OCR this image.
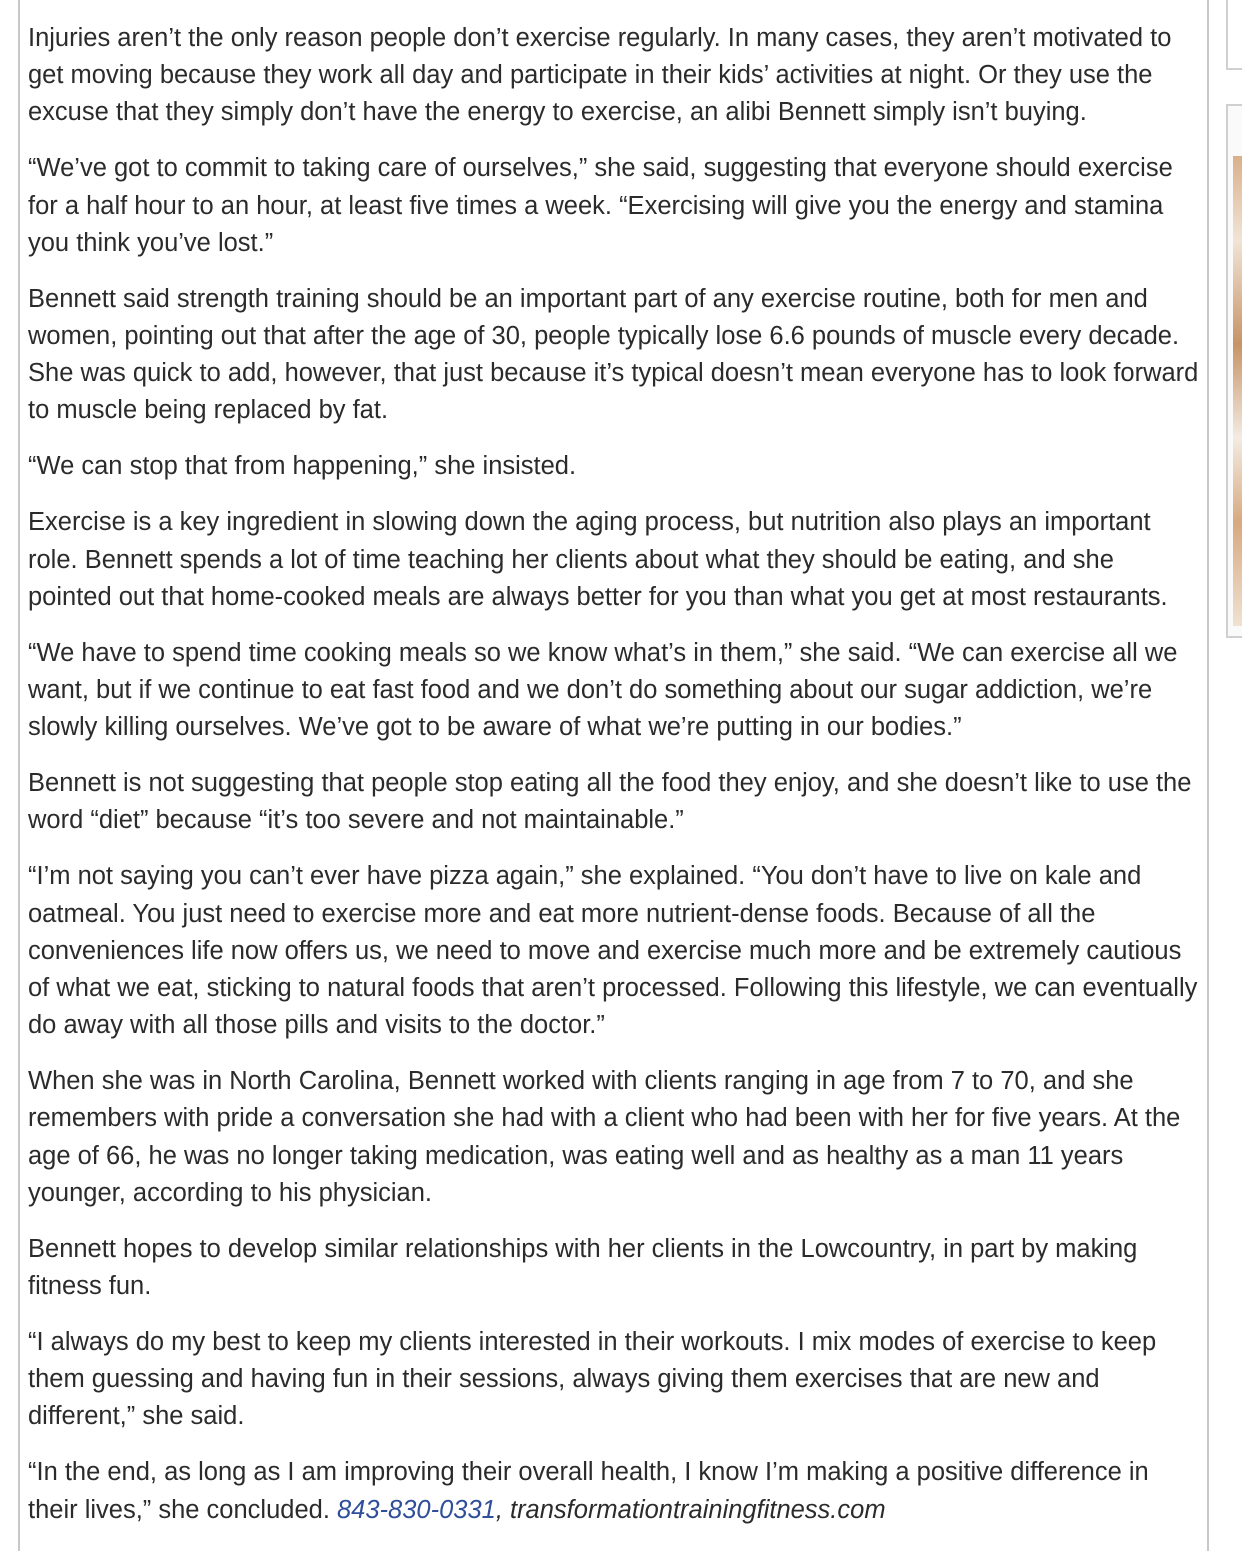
Injuries aren’t the only reason people don’t exercise regularly. In many cases, they aren’t motivated to get moving because they work all day and participate in their kids’ activities at night. Or they use the excuse that they simply don’t have the energy to exercise, an alibi Bennett simply isn’t buying.

“We’ve got to commit to taking care of ourselves,” she said, suggesting that everyone should exercise for a half hour to an hour, at least five times a week. “Exercising will give you the energy and stamina you think you’ve lost.”

Bennett said strength training should be an important part of any exercise routine, both for men and women, pointing out that after the age of 30, people typically lose 6.6 pounds of muscle every decade. She was quick to add, however, that just because it’s typical doesn’t mean everyone has to look forward to muscle being replaced by fat.

“We can stop that from happening,” she insisted.

Exercise is a key ingredient in slowing down the aging process, but nutrition also plays an important role. Bennett spends a lot of time teaching her clients about what they should be eating, and she pointed out that home-cooked meals are always better for you than what you get at most restaurants.

“We have to spend time cooking meals so we know what’s in them,” she said. “We can exercise all we want, but if we continue to eat fast food and we don’t do something about our sugar addiction, we’re slowly killing ourselves. We’ve got to be aware of what we’re putting in our bodies.”

Bennett is not suggesting that people stop eating all the food they enjoy, and she doesn’t like to use the word “diet” because “it’s too severe and not maintainable.”

“I’m not saying you can’t ever have pizza again,” she explained. “You don’t have to live on kale and oatmeal. You just need to exercise more and eat more nutrient-dense foods. Because of all the conveniences life now offers us, we need to move and exercise much more and be extremely cautious of what we eat, sticking to natural foods that aren’t processed. Following this lifestyle, we can eventually do away with all those pills and visits to the doctor.”

When she was in North Carolina, Bennett worked with clients ranging in age from 7 to 70, and she remembers with pride a conversation she had with a client who had been with her for five years. At the age of 66, he was no longer taking medication, was eating well and as healthy as a man 11 years younger, according to his physician.

Bennett hopes to develop similar relationships with her clients in the Lowcountry, in part by making fitness fun.

“I always do my best to keep my clients interested in their workouts. I mix modes of exercise to keep them guessing and having fun in their sessions, always giving them exercises that are new and different,” she said.

“In the end, as long as I am improving their overall health, I know I’m making a positive difference in their lives,” she concluded. 843-830-0331, transformationtrainingfitness.com
